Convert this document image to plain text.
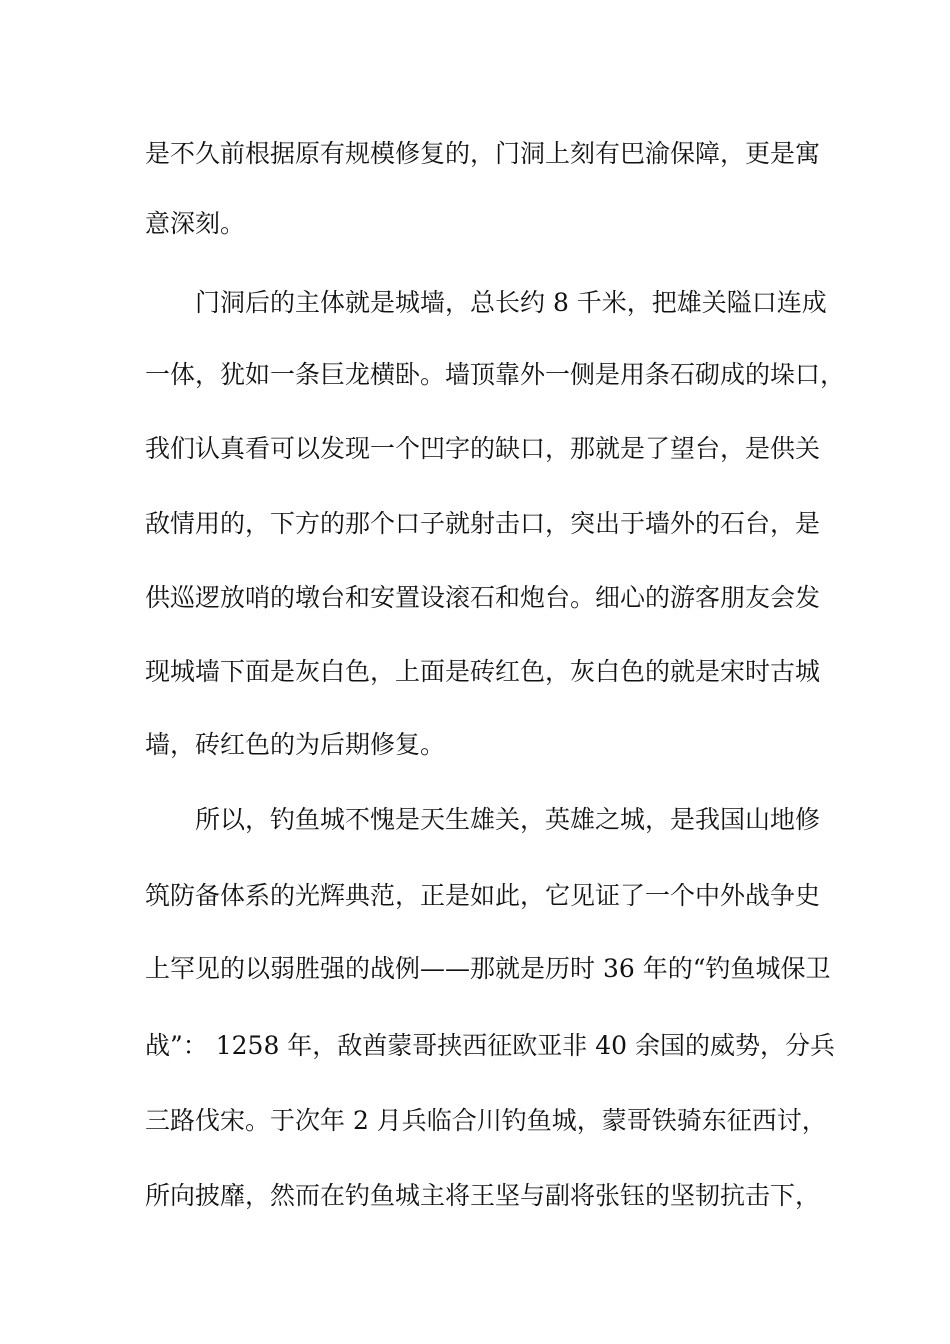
是不久前根据原有规模修复的，门洞上刻有巴渝保障，更是寓
意深刻。
门洞后的主体就是城墙，总长约 8 千米，把雄关隘口连成
一体，犹如一条巨龙横卧。墙顶靠外一侧是用条石砌成的垛口，
我们认真看可以发现一个凹字的缺口，那就是了望台，是供关
敌情用的，下方的那个口子就射击口，突出于墙外的石台，是
供巡逻放哨的墩台和安置设滚石和炮台。细心的游客朋友会发
现城墙下面是灰白色，上面是砖红色，灰白色的就是宋时古城
墙，砖红色的为后期修复。
所以，钓鱼城不愧是天生雄关，英雄之城，是我国山地修
筑防备体系的光辉典范，正是如此，它见证了一个中外战争史
上罕见的以弱胜强的战例——那就是历时 36 年的“钓鱼城保卫
战”： 1258 年，敌酋蒙哥挟西征欧亚非 40 余国的威势，分兵
三路伐宋。于次年 2 月兵临合川钓鱼城，蒙哥铁骑东征西讨，
所向披靡，然而在钓鱼城主将王坚与副将张钰的坚韧抗击下，
